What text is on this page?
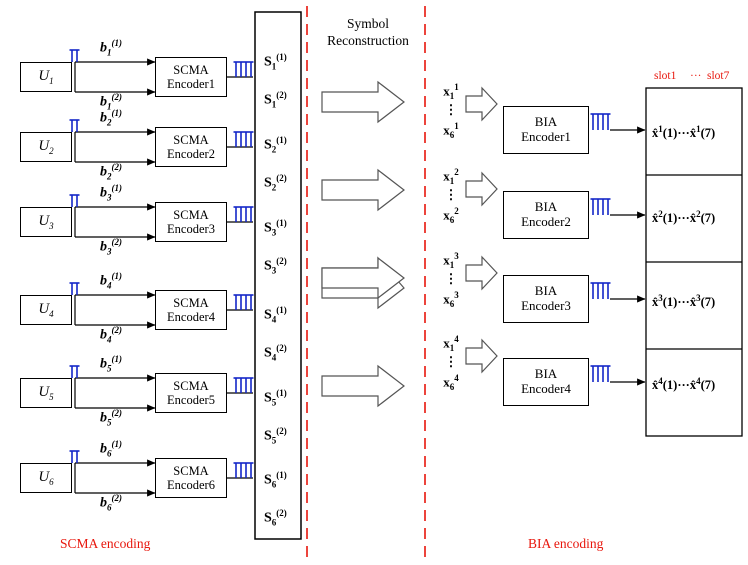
Symbol
Reconstruction
SCMA encoding	BIA encoding
slot1 ··· slot7
$U_1$
$U_2$
$U_3$
$U_4$
$U_5$
$U_6$
$b_1^{(1)}$
$b_1^{(2)}$
$b_2^{(1)}$
$b_2^{(2)}$
$b_3^{(1)}$
$b_3^{(2)}$
$b_4^{(1)}$
$b_4^{(2)}$
$b_5^{(1)}$
$b_5^{(2)}$
$b_6^{(1)}$
$b_6^{(2)}$
SCMA
Encoder1
SCMA
Encoder2
SCMA
Encoder3
SCMA
Encoder4
SCMA
Encoder5
SCMA
Encoder6
$S_1^{(1)}$
$S_1^{(2)}$
$S_2^{(1)}$
$S_2^{(2)}$
$S_3^{(1)}$
$S_3^{(2)}$
$S_4^{(1)}$
$S_4^{(2)}$
$S_5^{(1)}$
$S_5^{(2)}$
$S_6^{(1)}$
$S_6^{(2)}$
$x_1^1$
⋮
$x_6^1$
$x_1^2$
⋮
$x_6^2$
$x_1^3$
⋮
$x_6^3$
$x_1^4$
⋮
$x_6^4$
BIA
Encoder1
BIA
Encoder2
BIA
Encoder3
BIA
Encoder4
x̂$^1$(1)···x̂$^1$(7)
x̂$^2$(1)···x̂$^2$(7)
x̂$^3$(1)···x̂$^3$(7)
x̂$^4$(1)···x̂$^4$(7)
